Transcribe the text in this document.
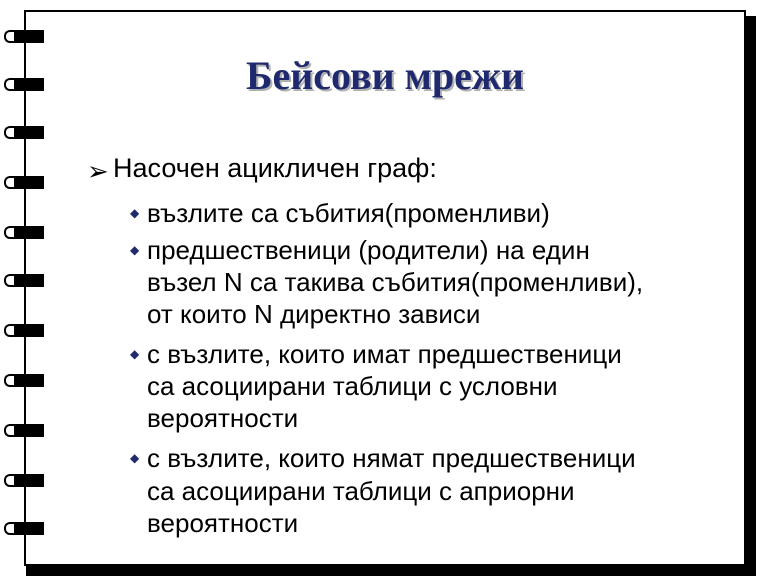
Бейсови мрежи
➢ Насочен ацикличен граф:
◆ възлите са събития(променливи)
◆ предшественици (родители) на един
възел N са такива събития(променливи),
от които N директно зависи
◆ с възлите, които имат предшественици
са асоциирани таблици с условни
вероятности
◆ с възлите, които нямат предшественици
са асоциирани таблици с априорни
вероятности
